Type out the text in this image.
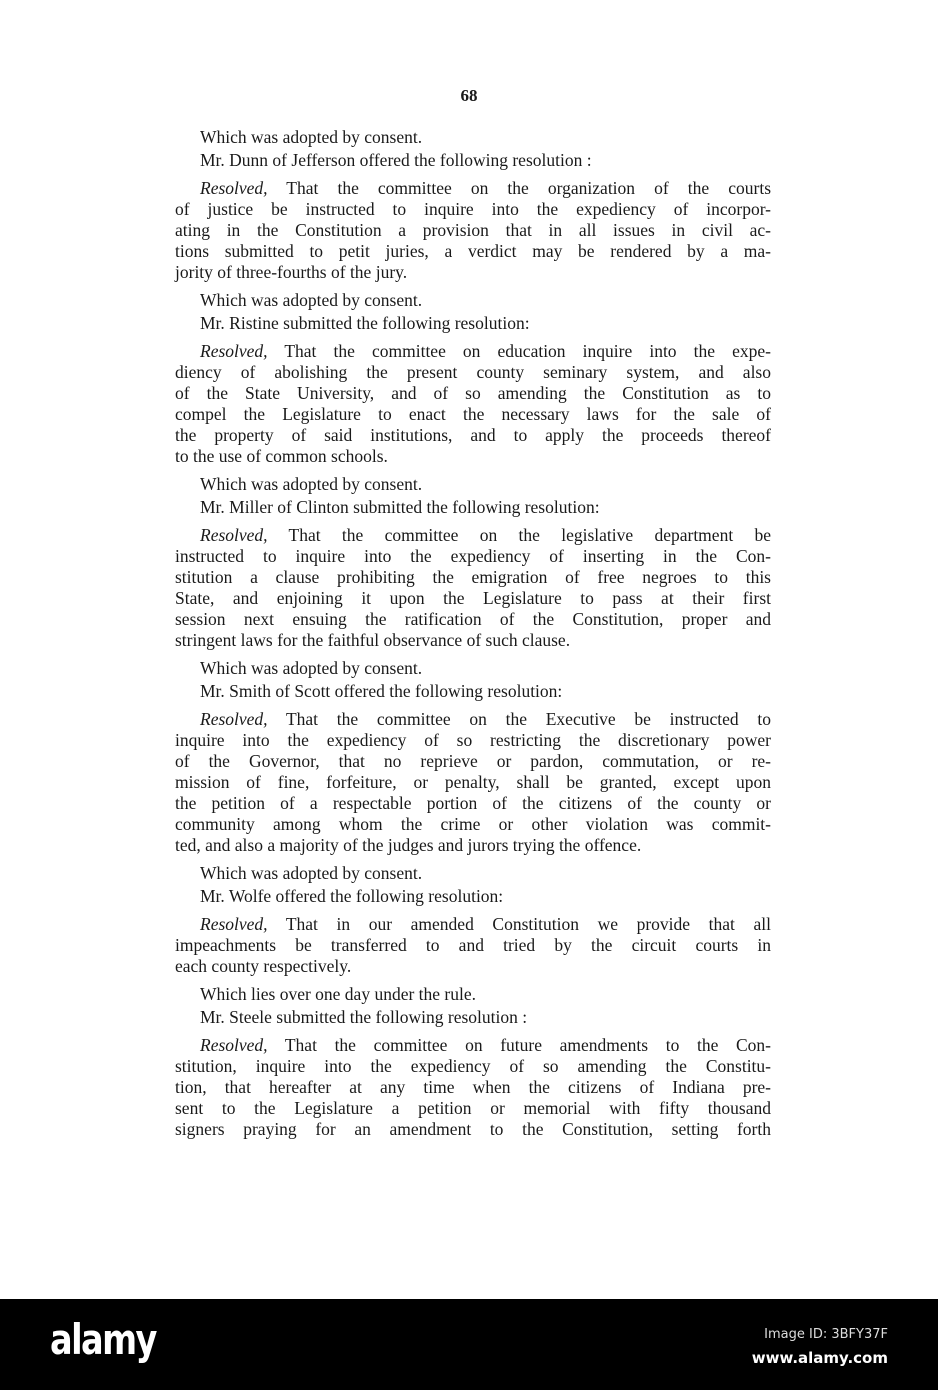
68
Which was adopted by consent.
Mr. Dunn of Jefferson offered the following resolution :
Resolved, That the committee on the organization of the courts
of justice be instructed to inquire into the expediency of incorpor-
ating in the Constitution a provision that in all issues in civil ac-
tions submitted to petit juries, a verdict may be rendered by a ma-
jority of three-fourths of the jury.
Which was adopted by consent.
Mr. Ristine submitted the following resolution:
Resolved, That the committee on education inquire into the expe-
diency of abolishing the present county seminary system, and also
of the State University, and of so amending the Constitution as to
compel the Legislature to enact the necessary laws for the sale of
the property of said institutions, and to apply the proceeds thereof
to the use of common schools.
Which was adopted by consent.
Mr. Miller of Clinton submitted the following resolution:
Resolved, That the committee on the legislative department be
instructed to inquire into the expediency of inserting in the Con-
stitution a clause prohibiting the emigration of free negroes to this
State, and enjoining it upon the Legislature to pass at their first
session next ensuing the ratification of the Constitution, proper and
stringent laws for the faithful observance of such clause.
Which was adopted by consent.
Mr. Smith of Scott offered the following resolution:
Resolved, That the committee on the Executive be instructed to
inquire into the expediency of so restricting the discretionary power
of the Governor, that no reprieve or pardon, commutation, or re-
mission of fine, forfeiture, or penalty, shall be granted, except upon
the petition of a respectable portion of the citizens of the county or
community among whom the crime or other violation was commit-
ted, and also a majority of the judges and jurors trying the offence.
Which was adopted by consent.
Mr. Wolfe offered the following resolution:
Resolved, That in our amended Constitution we provide that all
impeachments be transferred to and tried by the circuit courts in
each county respectively.
Which lies over one day under the rule.
Mr. Steele submitted the following resolution :
Resolved, That the committee on future amendments to the Con-
stitution, inquire into the expediency of so amending the Constitu-
tion, that hereafter at any time when the citizens of Indiana pre-
sent to the Legislature a petition or memorial with fifty thousand
signers praying for an amendment to the Constitution, setting forth
alamy	Image ID: 3BFY37F
www.alamy.com
